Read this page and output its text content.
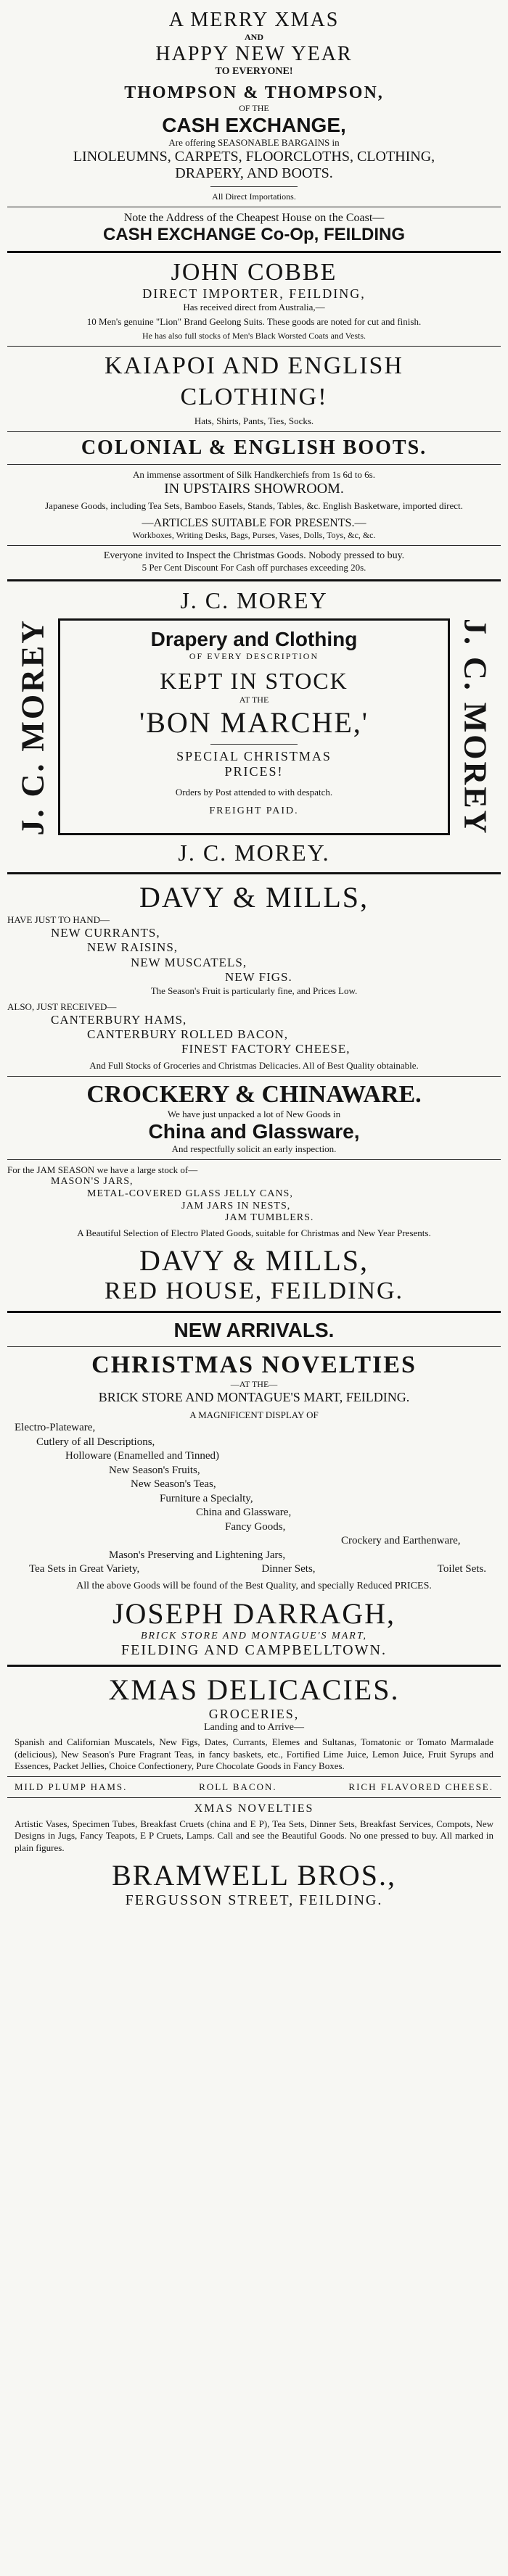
A MERRY XMAS
AND
HAPPY NEW YEAR
TO EVERYONE!
THOMPSON & THOMPSON,
OF THE
CASH EXCHANGE,
Are offering SEASONABLE BARGAINS in
LINOLEUMNS, CARPETS, FLOORCLOTHS, CLOTHING,
DRAPERY, AND BOOTS.
All Direct Importations.
Note the Address of the Cheapest House on the Coast—
CASH EXCHANGE Co-Op, FEILDING
JOHN COBBE
DIRECT IMPORTER, FEILDING,
Has received direct from Australia,—
10 Men's genuine "Lion" Brand Geelong Suits. These goods are noted for cut and finish.
He has also full stocks of Men's Black Worsted Coats and Vests.
KAIAPOI AND ENGLISH CLOTHING!
Hats, Shirts, Pants, Ties, Socks.
COLONIAL & ENGLISH BOOTS.
An immense assortment of Silk Handkerchiefs from 1s 6d to 6s.
IN UPSTAIRS SHOWROOM.
Japanese Goods, including Tea Sets, Bamboo Easels, Stands, Tables, &c. English Basketware, imported direct.
—ARTICLES SUITABLE FOR PRESENTS.—
Workboxes, Writing Desks, Bags, Purses, Vases, Dolls, Toys, &c, &c.
Everyone invited to Inspect the Christmas Goods. Nobody pressed to buy.
5 Per Cent Discount For Cash off purchases exceeding 20s.
J. C. MOREY
J. C. MOREY	Drapery and Clothing
OF EVERY DESCRIPTION
KEPT IN STOCK
AT THE
'BON MARCHE,'
SPECIAL CHRISTMAS
PRICES!
Orders by Post attended to with despatch.
FREIGHT PAID.	J. C. MOREY
J. C. MOREY.
DAVY & MILLS,
HAVE JUST TO HAND—
NEW CURRANTS,
NEW RAISINS,
NEW MUSCATELS,
NEW FIGS.
The Season's Fruit is particularly fine, and Prices Low.
ALSO, JUST RECEIVED—
CANTERBURY HAMS,
CANTERBURY ROLLED BACON,
FINEST FACTORY CHEESE,
And Full Stocks of Groceries and Christmas Delicacies. All of Best Quality obtainable.
CROCKERY & CHINAWARE.
We have just unpacked a lot of New Goods in
China and Glassware,
And respectfully solicit an early inspection.
For the JAM SEASON we have a large stock of—
MASON'S JARS,
METAL-COVERED GLASS JELLY CANS,
JAM JARS IN NESTS,
JAM TUMBLERS.
A Beautiful Selection of Electro Plated Goods, suitable for Christmas and New Year Presents.
DAVY & MILLS,
RED HOUSE, FEILDING.
NEW ARRIVALS.
CHRISTMAS NOVELTIES
—AT THE—
BRICK STORE AND MONTAGUE'S MART, FEILDING.
A MAGNIFICENT DISPLAY OF
Electro-Plateware,
Cutlery of all Descriptions,
Holloware (Enamelled and Tinned)
New Season's Fruits,
New Season's Teas,
Furniture a Specialty,
China and Glassware,
Fancy Goods,
Crockery and Earthenware,
Mason's Preserving and Lightening Jars,
Tea Sets in Great Variety,	Dinner Sets,	Toilet Sets.
All the above Goods will be found of the Best Quality, and specially Reduced PRICES.
JOSEPH DARRAGH,
BRICK STORE AND MONTAGUE'S MART,
FEILDING AND CAMPBELLTOWN.
XMAS DELICACIES.
GROCERIES,
Landing and to Arrive—
Spanish and Californian Muscatels, New Figs, Dates, Currants, Elemes and Sultanas, Tomatonic or Tomato Marmalade (delicious), New Season's Pure Fragrant Teas, in fancy baskets, etc., Fortified Lime Juice, Lemon Juice, Fruit Syrups and Essences, Packet Jellies, Choice Confectionery, Pure Chocolate Goods in Fancy Boxes.
MILD PLUMP HAMS.	ROLL BACON.	RICH FLAVORED CHEESE.
XMAS NOVELTIES
Artistic Vases, Specimen Tubes, Breakfast Cruets (china and E P), Tea Sets, Dinner Sets, Breakfast Services, Compots, New Designs in Jugs, Fancy Teapots, E P Cruets, Lamps. Call and see the Beautiful Goods. No one pressed to buy. All marked in plain figures.
BRAMWELL BROS.,
FERGUSSON STREET, FEILDING.
